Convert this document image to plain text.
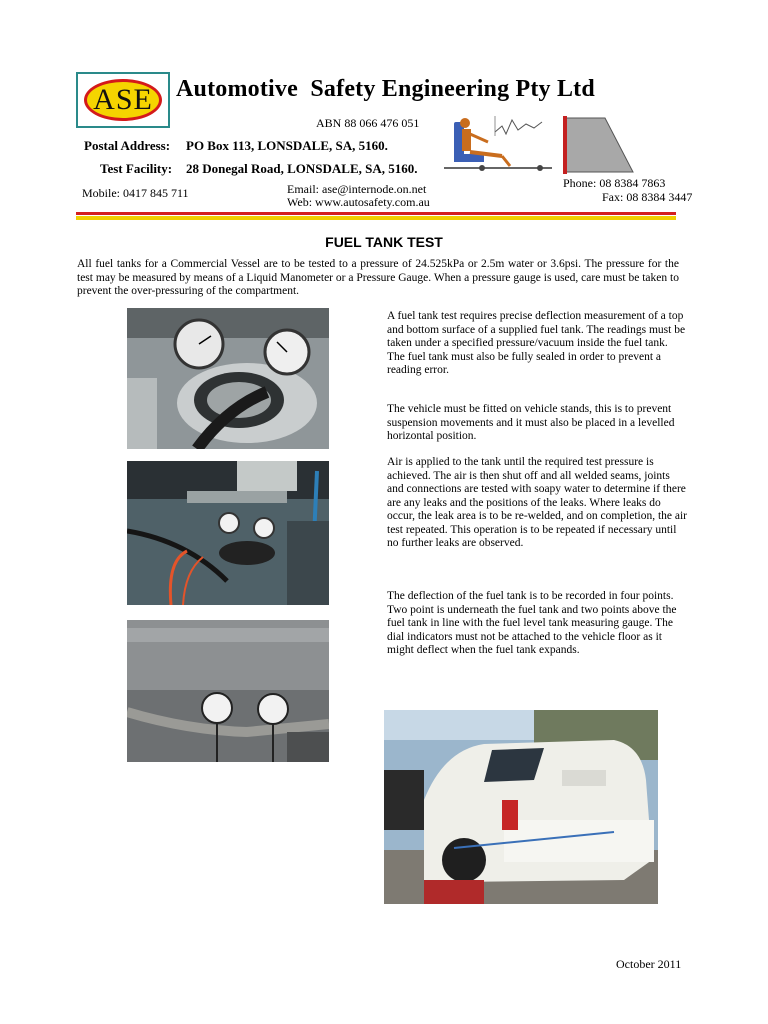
ASE Automotive  Safety Engineering Pty Ltd
ABN 88 066 476 051
Postal Address: PO Box 113, LONSDALE, SA, 5160.
Test Facility: 28 Donegal Road, LONSDALE, SA, 5160.
Mobile: 0417 845 711	Email: ase@internode.on.net
Web: www.autosafety.com.au
Phone: 08 8384 7863
Fax: 08 8384 3447
FUEL TANK TEST
All fuel tanks for a Commercial Vessel are to be tested to a pressure of 24.525kPa or 2.5m water or 3.6psi. The pressure for the test may be measured by means of a Liquid Manometer or a Pressure Gauge. When a pressure gauge is used, care must be taken to prevent the over-pressuring of the compartment.
A fuel tank test requires precise deflection measurement of a top and bottom surface of a supplied fuel tank. The readings must be taken under a specified pressure/vacuum inside the fuel tank. The fuel tank must also be fully sealed in order to prevent a reading error.
The vehicle must be fitted on vehicle stands, this is to prevent suspension movements and it must also be placed in a levelled horizontal position.
Air is applied to the tank until the required test pressure is achieved. The air is then shut off and all welded seams, joints and connections are tested with soapy water to determine if there are any leaks and the positions of the leaks. Where leaks do occur, the leak area is to be re-welded, and on completion, the air test repeated. This operation is to be repeated if necessary until no further leaks are observed.
The deflection of the fuel tank is to be recorded in four points. Two point is underneath the fuel tank and two points above the fuel tank in line with the fuel level tank measuring gauge. The dial indicators must not be attached to the vehicle floor as it might deflect when the fuel tank expands.
October 2011
